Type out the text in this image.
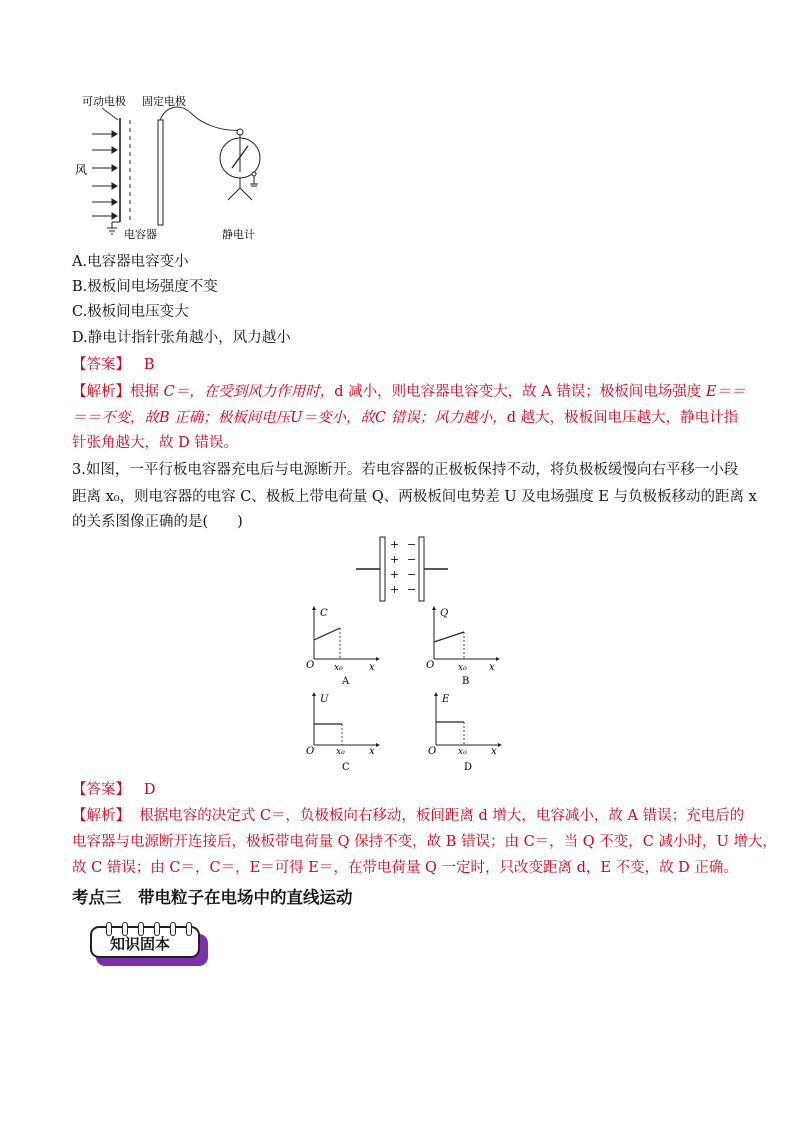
可动电极 固定电极
风
电容器	静电计
A.电容器电容变小
B.极板间电场强度不变
C.极板间电压变大
D.静电计指针张角越小，风力越小
【答案】 B
【解析】根据 C＝，在受到风力作用时，d 减小，则电容器电容变大，故 A 错误；极板间电场强度 E＝＝
＝＝不变，故B 正确；极板间电压U＝变小，故C 错误；风力越小，d 越大，极板间电压越大，静电计指
针张角越大，故 D 错误。
3.如图，一平行板电容器充电后与电源断开。若电容器的正极板保持不动，将负极板缓慢向右平移一小段
距离 x₀，则电容器的电容 C、极板上带电荷量 Q、两极板间电势差 U 及电场强度 E 与负极板移动的距离 x
的关系图像正确的是(　　)
+
+
+
+
−
−
−
−
C
O x₀	x
A
Q
O	x₀ x
B
U
O x₀ x
C
E
O x₀ x
D
【答案】 D
【解析】 根据电容的决定式 C＝，负极板向右移动，板间距离 d 增大，电容减小，故 A 错误；充电后的
电容器与电源断开连接后，极板带电荷量 Q 保持不变，故 B 错误；由 C＝，当 Q 不变，C 减小时，U 增大，
故 C 错误；由 C＝，C＝，E＝可得 E＝，在带电荷量 Q 一定时，只改变距离 d，E 不变，故 D 正确。
考点三　带电粒子在电场中的直线运动
知识固本
